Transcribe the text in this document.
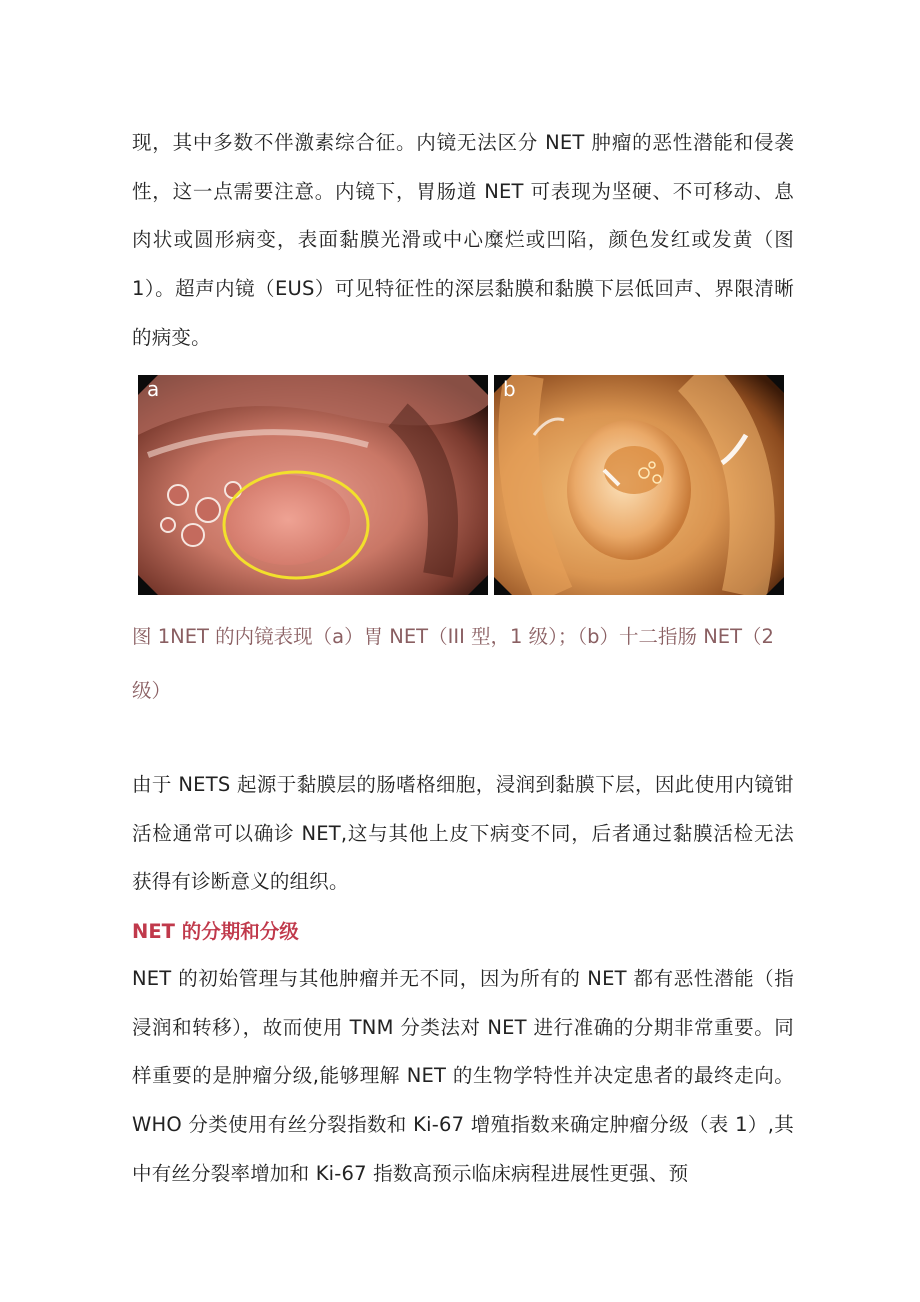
现，其中多数不伴激素综合征。内镜无法区分 NET 肿瘤的恶性潜能和侵袭性，这一点需要注意。内镜下，胃肠道 NET 可表现为坚硬、不可移动、息肉状或圆形病变，表面黏膜光滑或中心糜烂或凹陷，颜色发红或发黄（图 1）。超声内镜（EUS）可见特征性的深层黏膜和黏膜下层低回声、界限清晰的病变。

a	b

图 1NET 的内镜表现（a）胃 NET（III 型，1 级）；（b）十二指肠 NET（2 级）

由于 NETS 起源于黏膜层的肠嗜格细胞，浸润到黏膜下层，因此使用内镜钳活检通常可以确诊 NET,这与其他上皮下病变不同，后者通过黏膜活检无法获得有诊断意义的组织。

NET 的分期和分级

NET 的初始管理与其他肿瘤并无不同，因为所有的 NET 都有恶性潜能（指浸润和转移），故而使用 TNM 分类法对 NET 进行准确的分期非常重要。同样重要的是肿瘤分级,能够理解 NET 的生物学特性并决定患者的最终走向。WHO 分类使用有丝分裂指数和 Ki-67 增殖指数来确定肿瘤分级（表 1）,其中有丝分裂率增加和 Ki-67 指数高预示临床病程进展性更强、预
